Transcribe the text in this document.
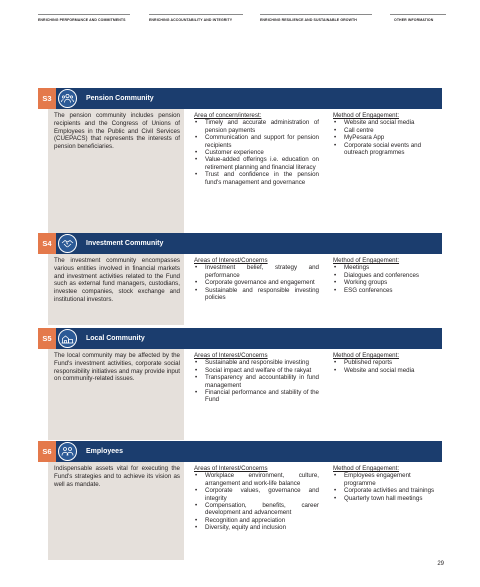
ENRICHING PERFORMANCE AND COMMITMENTS	ENRICHING ACCOUNTABILITY AND INTEGRITY	ENRICHING RESILIENCE AND SUSTAINABLE GROWTH	OTHER INFORMATION
S3	Pension Community

The pension community includes pension recipients and the Congress of Unions of Employees in the Public and Civil Services (CUEPACS) that represents the interests of pension beneficiaries.

Area of concern/interest:
• Timely and accurate administration of pension payments
• Communication and support for pension recipients
• Customer experience
• Value-added offerings i.e. education on retirement planning and financial literacy
• Trust and confidence in the pension fund's management and governance
Method of Engagement:
• Website and social media
• Call centre
• MyPesara App
• Corporate social events and outreach programmes
S4	Investment Community

The investment community encompasses various entities involved in financial markets and investment activities related to the Fund such as external fund managers, custodians, investee companies, stock exchange and institutional investors.

Areas of Interest/Concerns
• Investment belief, strategy and performance
• Corporate governance and engagement
• Sustainable and responsible investing policies
Method of Engagement:
• Meetings
• Dialogues and conferences
• Working groups
• ESG conferences
S5	Local Community

The local community may be affected by the Fund's investment activities, corporate social responsibility initiatives and may provide input on community-related issues.

Areas of Interest/Concerns
• Sustainable and responsible investing
• Social impact and welfare of the rakyat
• Transparency and accountability in fund management
• Financial performance and stability of the Fund
Method of Engagement:
• Published reports
• Website and social media
S6	Employees

Indispensable assets vital for executing the Fund's strategies and to achieve its vision as well as mandate.

Areas of Interest/Concerns
• Workplace environment, culture, arrangement and work-life balance
• Corporate values, governance and integrity
• Compensation, benefits, career development and advancement
• Recognition and appreciation
• Diversity, equity and inclusion
Method of Engagement:
• Employees engagement programme
• Corporate activities and trainings
• Quarterly town hall meetings
29
